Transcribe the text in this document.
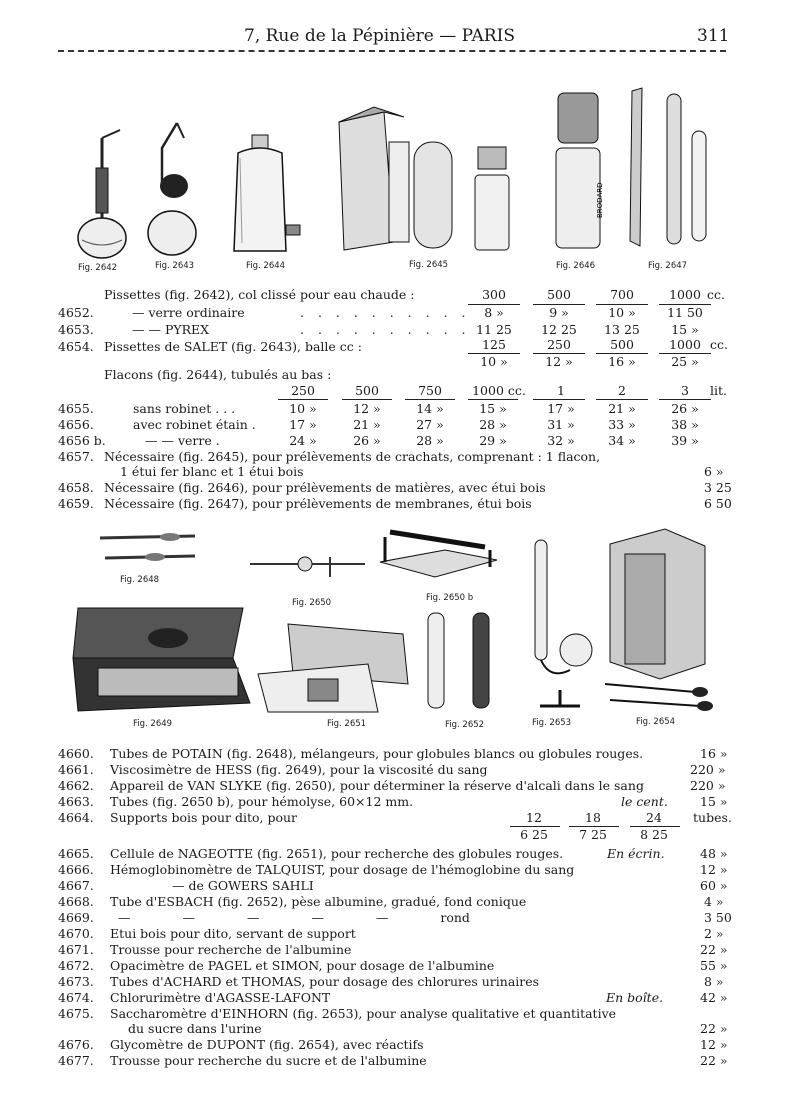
7, Rue de la Pépinière — PARIS	311
BRODARD
Fig. 2642	Fig. 2643	Fig. 2644	Fig. 2645	Fig. 2646	Fig. 2647
Pissettes (fig. 2642), col clissé pour eau chaude :	300	500	700	1000 cc.
4652.	— verre ordinaire	. . . . . . . . . .	8 »	9 »	10 »	11 50
4653.	— — PYREX	. . . . . . . . . . 11 25	12 25	13 25	15 »
4654. Pissettes de SALET (fig. 2643), balle cc :	125	250	500	1000 cc.
10 »	12 »	16 »	25 »
Flacons (fig. 2644), tubulés au bas :
250	500	750	1000 cc.	1	2	3	lit.
4655.	sans robinet . . .	10 »	12 »	14 »	15 »	17 »	21 »	26 »
4656.	avec robinet étain .	17 »	21 »	27 »	28 »	31 »	33 »	38 »
4656 b.	— — verre .	24 »	26 »	28 »	29 »	32 »	34 »	39 »
4657. Nécessaire (fig. 2645), pour prélèvements de crachats, comprenant : 1 flacon,
1 étui fer blanc et 1 étui bois	6 »
4658. Nécessaire (fig. 2646), pour prélèvements de matières, avec étui bois	3 25
4659. Nécessaire (fig. 2647), pour prélèvements de membranes, étui bois	6 50
Fig. 2648
Fig. 2650	Fig. 2650 b
Fig. 2649	Fig. 2651	Fig. 2652	Fig. 2653	Fig. 2654
4660. Tubes de POTAIN (fig. 2648), mélangeurs, pour globules blancs ou globules rouges.	16 »
4661. Viscosimètre de HESS (fig. 2649), pour la viscosité du sang	220 »
4662. Appareil de VAN SLYKE (fig. 2650), pour déterminer la réserve d'alcali dans le sang	220 »
4663. Tubes (fig. 2650 b), pour hémolyse, 60×12 mm.	le cent.	15 »
4664. Supports bois pour dito, pour	12	18	24	tubes.
6 25	7 25	8 25
4665. Cellule de NAGEOTTE (fig. 2651), pour recherche des globules rouges.	En écrin.	48 »
4666. Hémoglobinomètre de TALQUIST, pour dosage de l'hémoglobine du sang	12 »
4667.	— de GOWERS SAHLI	60 »
4668. Tube d'ESBACH (fig. 2652), pèse albumine, gradué, fond conique	4 »
4669. — — — — — rond	3 50
4670. Etui bois pour dito, servant de support	2 »
4671. Trousse pour recherche de l'albumine	22 »
4672. Opacimètre de PAGEL et SIMON, pour dosage de l'albumine	55 »
4673. Tubes d'ACHARD et THOMAS, pour dosage des chlorures urinaires	8 »
4674. Chlorurimètre d'AGASSE-LAFONT	En boîte.	42 »
4675. Saccharomètre d'EINHORN (fig. 2653), pour analyse qualitative et quantitative
du sucre dans l'urine	22 »
4676. Glycomètre de DUPONT (fig. 2654), avec réactifs	12 »
4677. Trousse pour recherche du sucre et de l'albumine	22 »
